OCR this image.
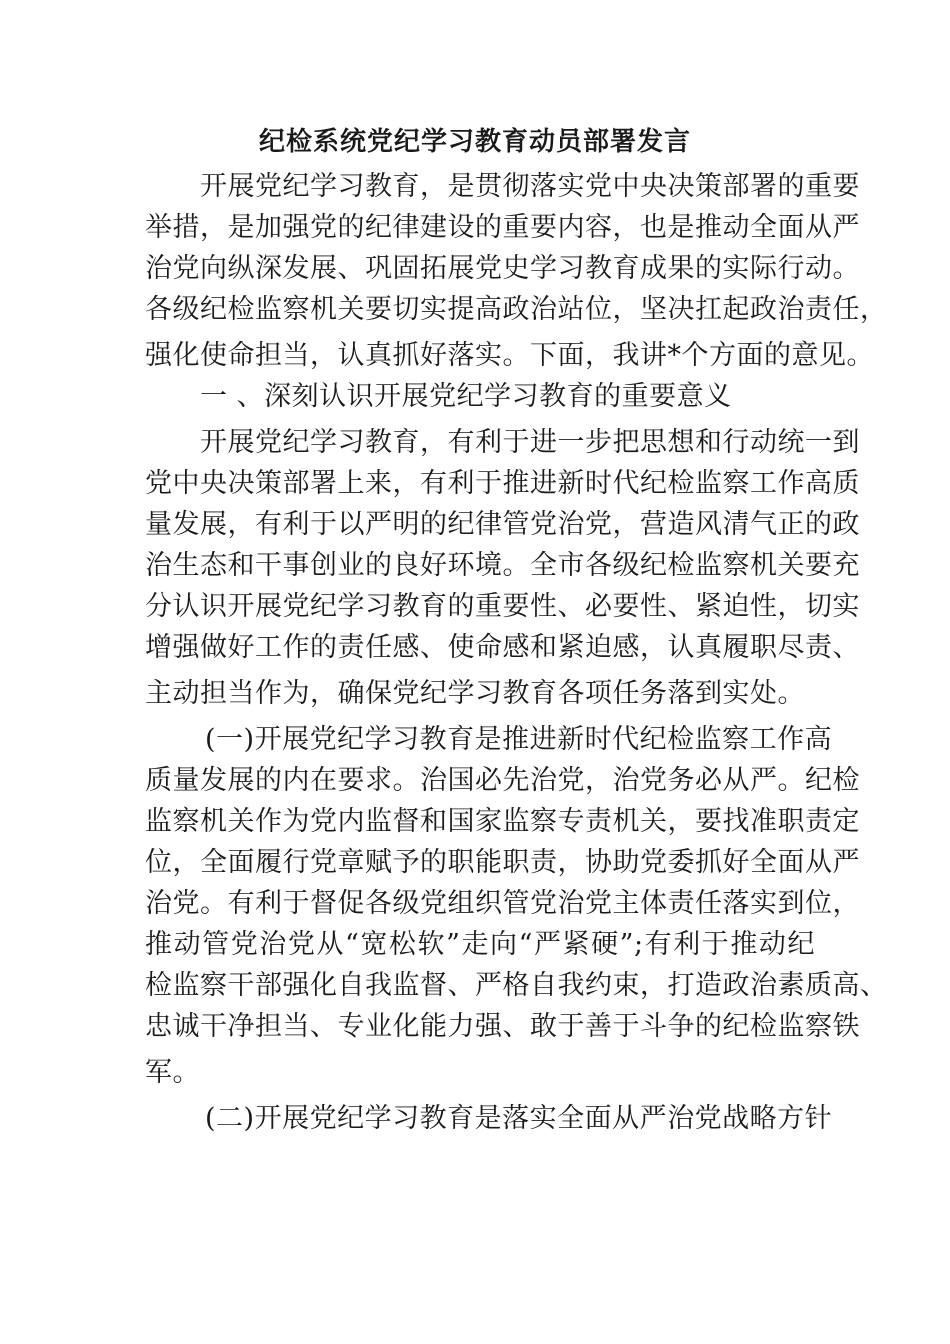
纪检系统党纪学习教育动员部署发言
开展党纪学习教育，是贯彻落实党中央决策部署的重要
举措，是加强党的纪律建设的重要内容，也是推动全面从严
治党向纵深发展、巩固拓展党史学习教育成果的实际行动。
各级纪检监察机关要切实提高政治站位，坚决扛起政治责任，
强化使命担当，认真抓好落实。下面，我讲*个方面的意见。
一 、深刻认识开展党纪学习教育的重要意义
开展党纪学习教育，有利于进一步把思想和行动统一到
党中央决策部署上来，有利于推进新时代纪检监察工作高质
量发展，有利于以严明的纪律管党治党，营造风清气正的政
治生态和干事创业的良好环境。全市各级纪检监察机关要充
分认识开展党纪学习教育的重要性、必要性、紧迫性，切实
增强做好工作的责任感、使命感和紧迫感，认真履职尽责、
主动担当作为，确保党纪学习教育各项任务落到实处。
(一)开展党纪学习教育是推进新时代纪检监察工作高
质量发展的内在要求。治国必先治党，治党务必从严。纪检
监察机关作为党内监督和国家监察专责机关，要找准职责定
位，全面履行党章赋予的职能职责，协助党委抓好全面从严
治党。有利于督促各级党组织管党治党主体责任落实到位，
推动管党治党从“宽松软”走向“严紧硬”;有利于推动纪
检监察干部强化自我监督、严格自我约束，打造政治素质高、
忠诚干净担当、专业化能力强、敢于善于斗争的纪检监察铁
军。
(二)开展党纪学习教育是落实全面从严治党战略方针
